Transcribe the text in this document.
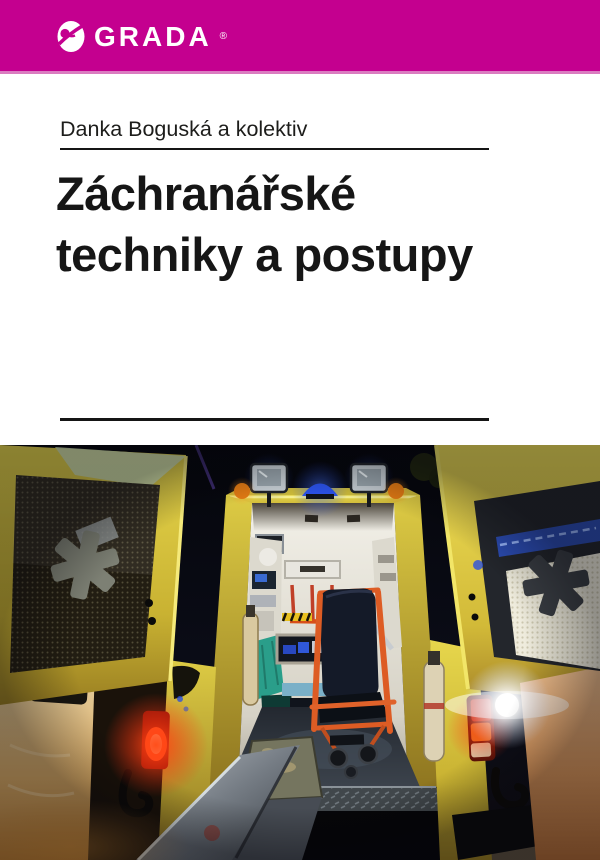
GRADA ®
Danka Boguská a kolektiv
Záchranářské
techniky a postupy
